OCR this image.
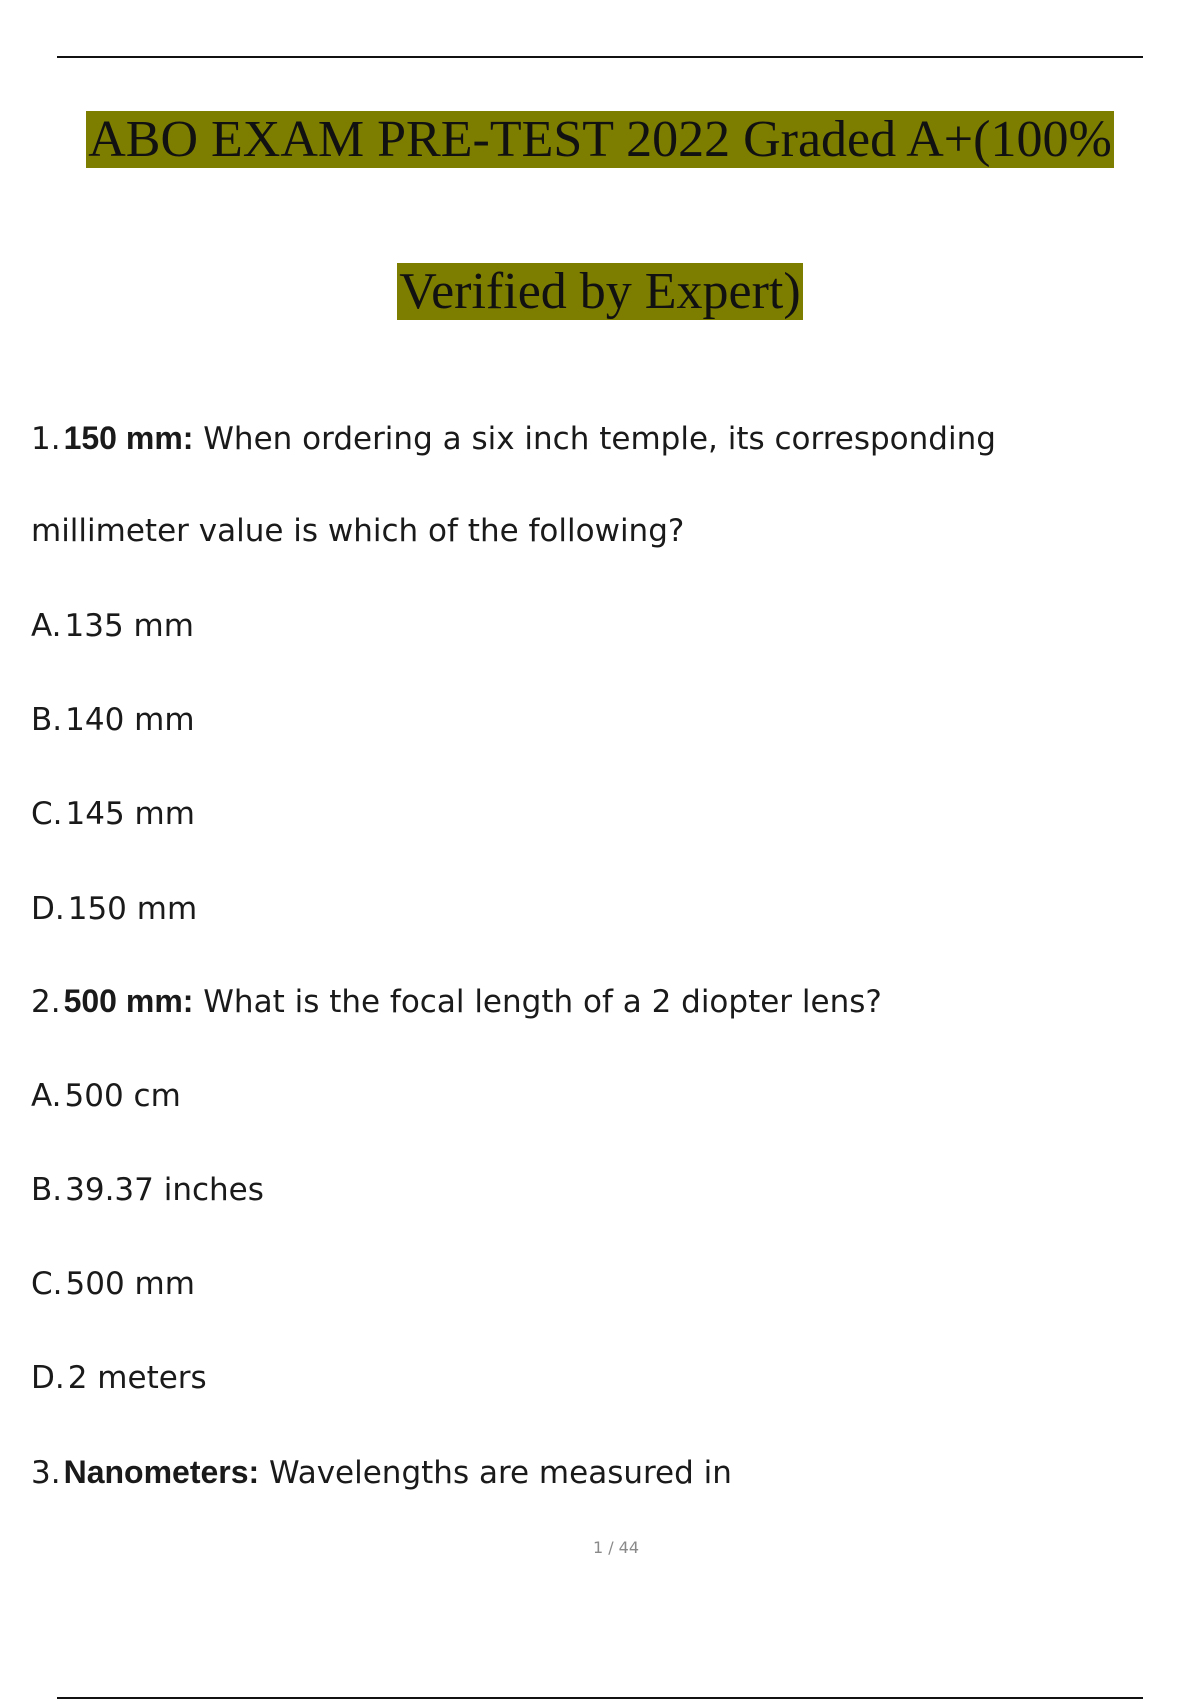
ABO EXAM PRE-TEST 2022 Graded A+(100%
Verified by Expert)
1.150 mm: When ordering a six inch temple, its corresponding
millimeter value is which of the following?
A.135 mm
B.140 mm
C.145 mm
D.150 mm
2.500 mm: What is the focal length of a 2 diopter lens?
A.500 cm
B.39.37 inches
C.500 mm
D.2 meters
3.Nanometers: Wavelengths are measured in
1 / 44
